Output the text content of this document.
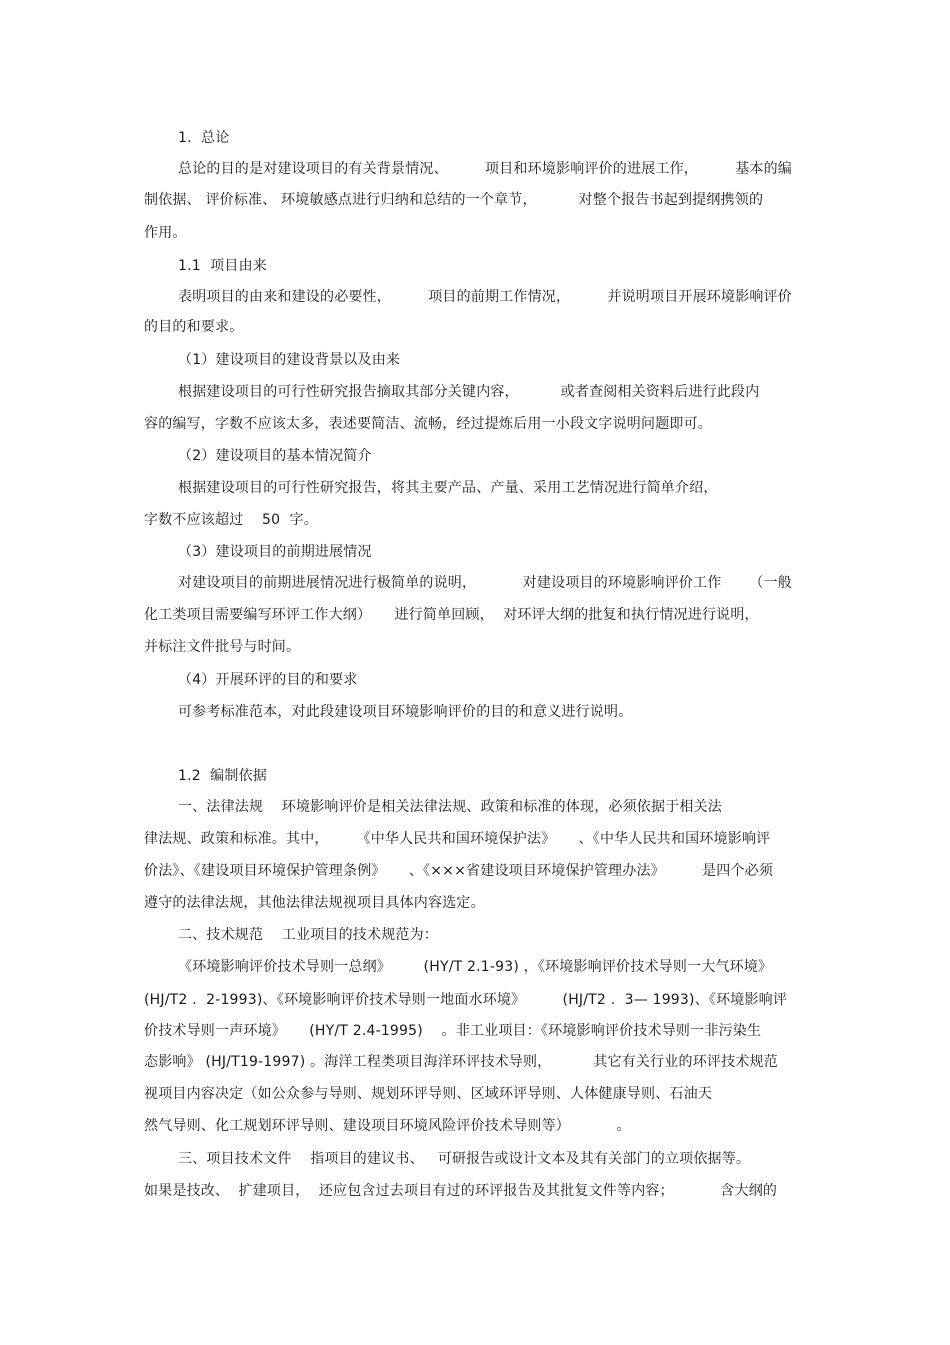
1.  总论
总论的目的是对建设项目的有关背景情况、        项目和环境影响评价的进展工作，        基本的编
制依据、 评价标准、 环境敏感点进行归纳和总结的一个章节，         对整个报告书起到提纲携领的
作用。
1.1  项目由来
表明项目的由来和建设的必要性，        项目的前期工作情况，        并说明项目开展环境影响评价
的目的和要求。
（1）建设项目的建设背景以及由来
根据建设项目的可行性研究报告摘取其部分关键内容，         或者查阅相关资料后进行此段内
容的编写，字数不应该太多，表述要简洁、流畅，经过提炼后用一小段文字说明问题即可。
（2）建设项目的基本情况简介
根据建设项目的可行性研究报告，将其主要产品、产量、采用工艺情况进行简单介绍，
字数不应该超过    50  字。
（3）建设项目的前期进展情况
对建设项目的前期进展情况进行极简单的说明，          对建设项目的环境影响评价工作      （一般
化工类项目需要编写环评工作大纲）     进行简单回顾，  对环评大纲的批复和执行情况进行说明，
并标注文件批号与时间。
（4）开展环评的目的和要求
可参考标准范本，对此段建设项目环境影响评价的目的和意义进行说明。
1.2  编制依据
一、法律法规    环境影响评价是相关法律法规、政策和标准的体现，必须依据于相关法
律法规、政策和标准。其中，      《中华人民共和国环境保护法》     、《中华人民共和国环境影响评
价法》、《建设项目环境保护管理条例》     、《×××省建设项目环境保护管理办法》        是四个必须
遵守的法律法规，其他法律法规视项目具体内容选定。
二、技术规范    工业项目的技术规范为：
《环境影响评价技术导则一总纲》       (HY/T 2.1-93) ，《环境影响评价技术导则一大气环境》
(HJ/T2 .  2-1993)、《环境影响评价技术导则一地面水环境》        (HJ/T2 .  3— 1993)、《环境影响评
价技术导则一声环境》     (HY/T 2.4-1995)    。非工业项目：《环境影响评价技术导则一非污染生
态影响》 (HJ/T19-1997) 。海洋工程类项目海洋环评技术导则，         其它有关行业的环评技术规范
视项目内容决定（如公众参与导则、规划环评导则、区域环评导则、人体健康导则、石油天
然气导则、化工规划环评导则、建设项目环境风险评价技术导则等）          。
三、项目技术文件    指项目的建议书、   可研报告或设计文本及其有关部门的立项依据等。
如果是技改、  扩建项目，  还应包含过去项目有过的环评报告及其批复文件等内容；          含大纲的
